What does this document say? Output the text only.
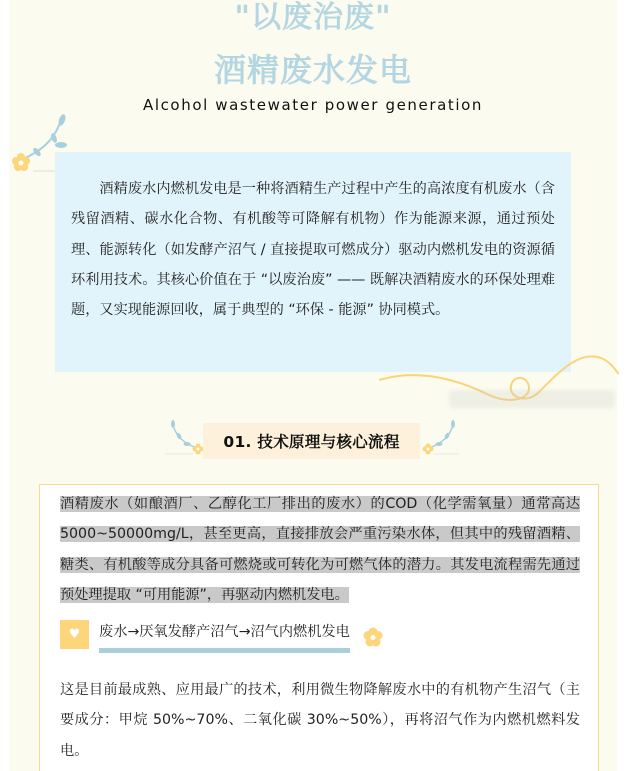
"以废治废"
酒精废水发电
Alcohol wastewater power generation
酒精废水内燃机发电是一种将酒精生产过程中产生的高浓度有机废水（含残留酒精、碳水化合物、有机酸等可降解有机物）作为能源来源，通过预处理、能源转化（如发酵产沼气 / 直接提取可燃成分）驱动内燃机发电的资源循环利用技术。其核心价值在于 “以废治废” —— 既解决酒精废水的环保处理难题，又实现能源回收，属于典型的 “环保 - 能源” 协同模式。
01. 技术原理与核心流程
酒精废水（如酿酒厂、乙醇化工厂排出的废水）的COD（化学需氧量）通常高达 5000~50000mg/L，甚至更高，直接排放会严重污染水体，但其中的残留酒精、糖类、有机酸等成分具备可燃烧或可转化为可燃气体的潜力。其发电流程需先通过预处理提取 “可用能源”，再驱动内燃机发电。
♥ 废水→厌氧发酵产沼气→沼气内燃机发电
这是目前最成熟、应用最广的技术，利用微生物降解废水中的有机物产生沼气（主要成分：甲烷 50%~70%、二氧化碳 30%~50%），再将沼气作为内燃机燃料发电。
